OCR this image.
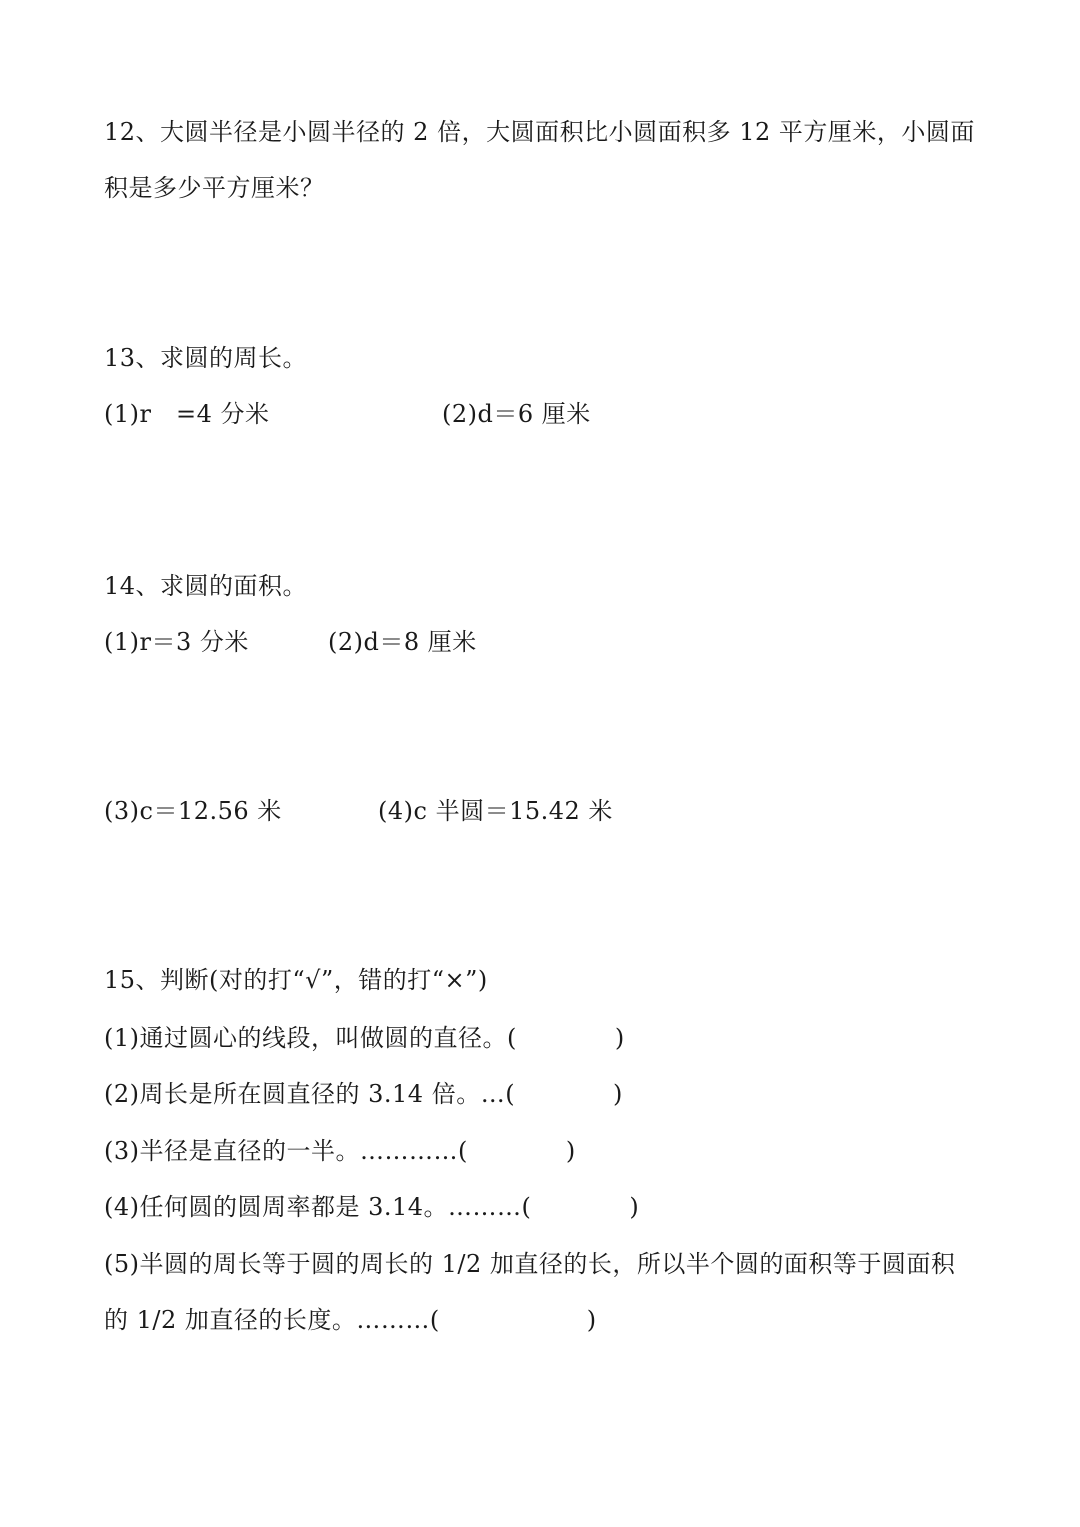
12、大圆半径是小圆半径的 2 倍，大圆面积比小圆面积多 12 平方厘米，小圆面
积是多少平方厘米？
13、求圆的周长。
(1)r　=4 分米	(2)d＝6 厘米
14、求圆的面积。
(1)r＝3 分米	(2)d＝8 厘米
(3)c＝12.56 米	(4)c 半圆＝15.42 米
15、判断(对的打“√”，错的打“×”)
(1)通过圆心的线段，叫做圆的直径。(　　　　)
(2)周长是所在圆直径的 3.14 倍。…(　　　　)
(3)半径是直径的一半。…………(　　　　)
(4)任何圆的圆周率都是 3.14。………(　　　　)
(5)半圆的周长等于圆的周长的 1/2 加直径的长，所以半个圆的面积等于圆面积
的 1/2 加直径的长度。………(　　　　　　)
